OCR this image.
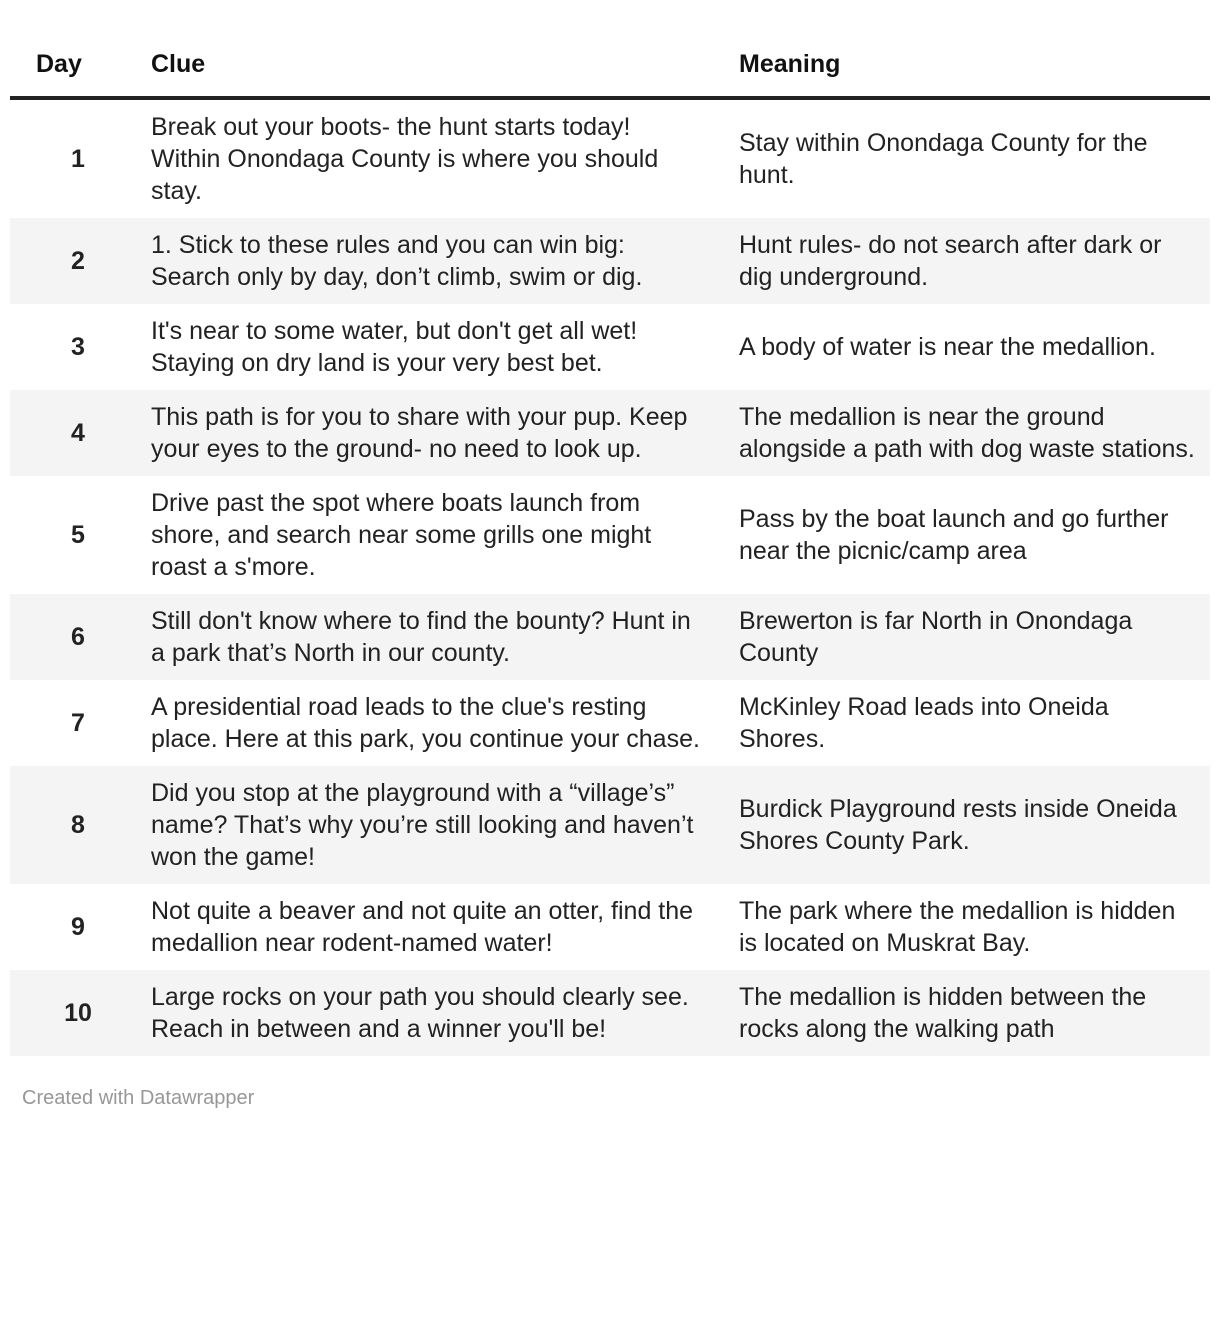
Day	Clue	Meaning
1	Break out your boots- the hunt starts today! Within Onondaga County is where you should stay.	Stay within Onondaga County for the hunt.
2	1. Stick to these rules and you can win big: Search only by day, don’t climb, swim or dig.	Hunt rules- do not search after dark or dig underground.
3	It's near to some water, but don't get all wet! Staying on dry land is your very best bet.	A body of water is near the medallion.
4	This path is for you to share with your pup. Keep your eyes to the ground- no need to look up.	The medallion is near the ground alongside a path with dog waste stations.
5	Drive past the spot where boats launch from shore, and search near some grills one might roast a s'more.	Pass by the boat launch and go further near the picnic/camp area
6	Still don't know where to find the bounty? Hunt in a park that’s North in our county.	Brewerton is far North in Onondaga County
7	A presidential road leads to the clue's resting place. Here at this park, you continue your chase.	McKinley Road leads into Oneida Shores.
8	Did you stop at the playground with a “village’s” name? That’s why you’re still looking and haven’t won the game!	Burdick Playground rests inside Oneida Shores County Park.
9	Not quite a beaver and not quite an otter, find the medallion near rodent-named water!	The park where the medallion is hidden is located on Muskrat Bay.
10	Large rocks on your path you should clearly see. Reach in between and a winner you'll be!	The medallion is hidden between the rocks along the walking path
Created with Datawrapper
